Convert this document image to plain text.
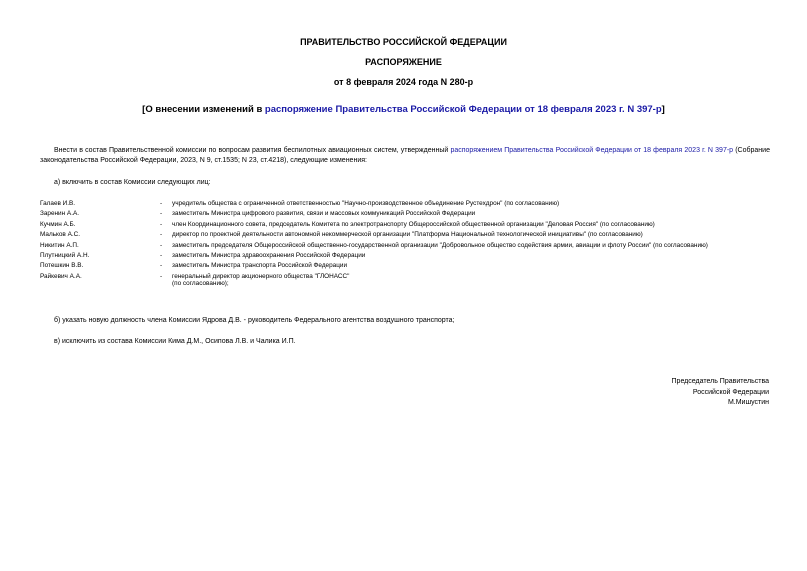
ПРАВИТЕЛЬСТВО РОССИЙСКОЙ ФЕДЕРАЦИИ
РАСПОРЯЖЕНИЕ
от 8 февраля 2024 года N 280-р
[О внесении изменений в распоряжение Правительства Российской Федерации от 18 февраля 2023 г. N 397-р]
Внести в состав Правительственной комиссии по вопросам развития беспилотных авиационных систем, утвержденный распоряжением Правительства Российской Федерации от 18 февраля 2023 г. N 397-р (Собрание законодательства Российской Федерации, 2023, N 9, ст.1535; N 23, ст.4218), следующие изменения:
а) включить в состав Комиссии следующих лиц:
Галаев И.В.	-	учредитель общества с ограниченной ответственностью "Научно-производственное объединение Рустехдрон" (по согласованию)
Заренин А.А.	-	заместитель Министра цифрового развития, связи и массовых коммуникаций Российской Федерации
Кучмин А.Б.	-	член Координационного совета, председатель Комитета по электротранспорту Общероссийской общественной организации "Деловая Россия" (по согласованию)
Мальков А.С.	-	директор по проектной деятельности автономной некоммерческой организации "Платформа Национальной технологической инициативы" (по согласованию)
Никитин А.П.	-	заместитель председателя Общероссийской общественно-государственной организации "Добровольное общество содействия армии, авиации и флоту России" (по согласованию)
Плутницкий А.Н.	-	заместитель Министра здравоохранения Российской Федерации
Потешкин В.В.	-	заместитель Министра транспорта Российской Федерации
Райкевич А.А.	-	генеральный директор акционерного общества "ГЛОНАСС"
(по согласованию);
б) указать новую должность члена Комиссии Ядрова Д.В. - руководитель Федерального агентства воздушного транспорта;
в) исключить из состава Комиссии Кима Д.М., Осипова Л.В. и Чалика И.П.
Председатель Правительства
Российской Федерации
М.Мишустин
